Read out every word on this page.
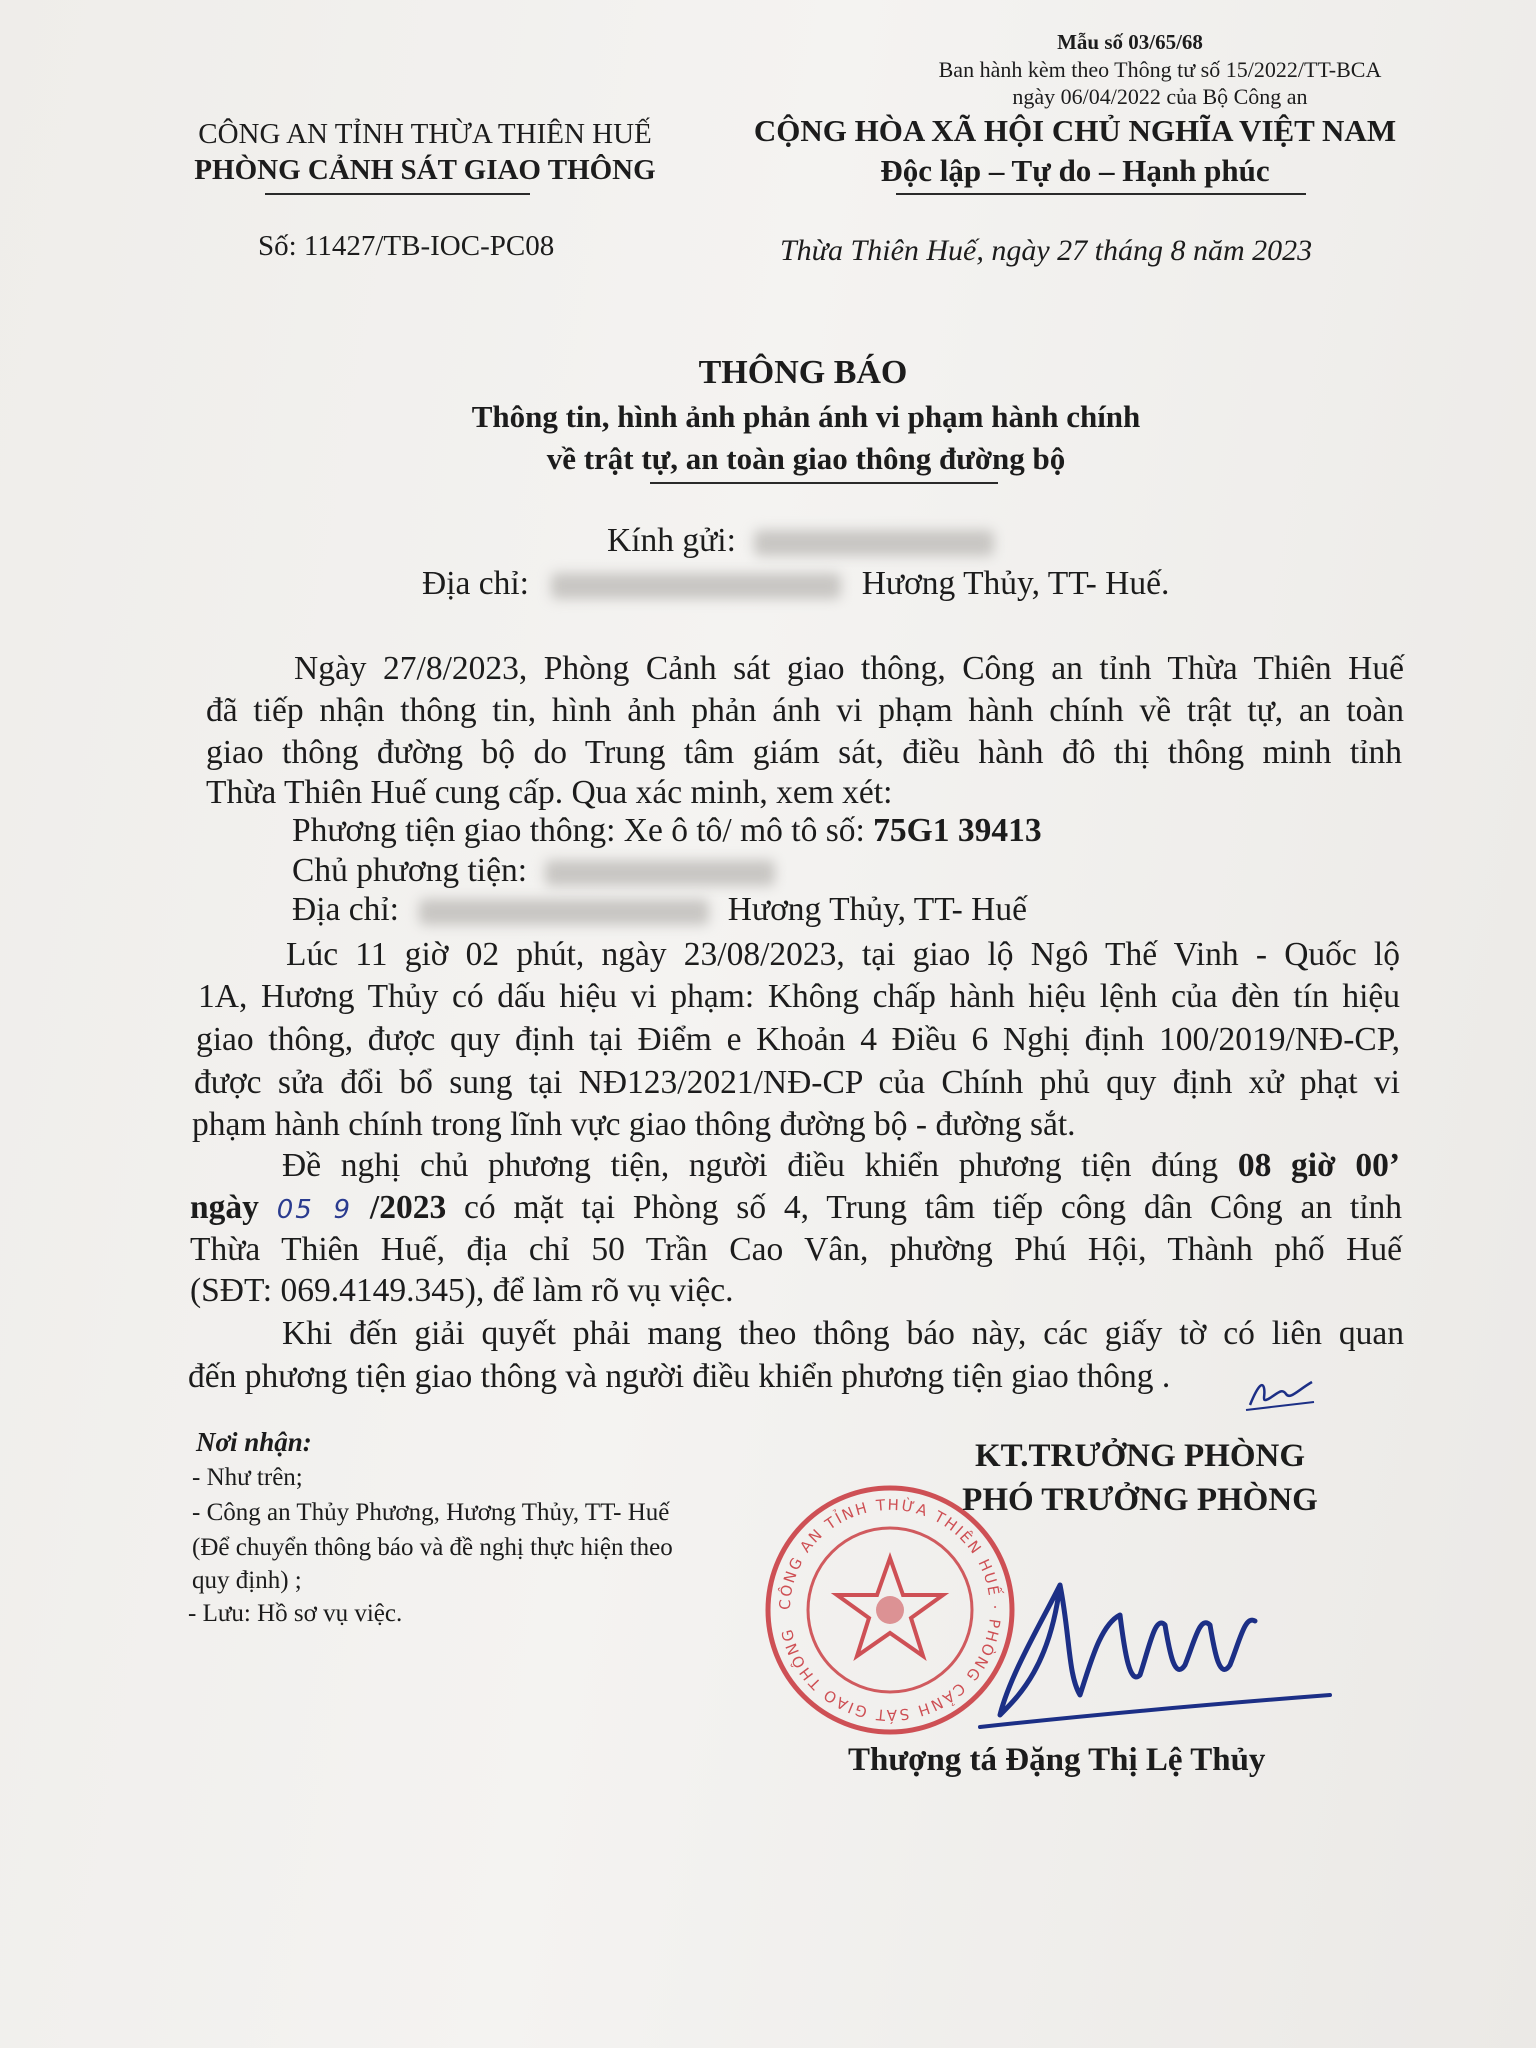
Mẫu số 03/65/68
Ban hành kèm theo Thông tư số 15/2022/TT-BCA
ngày 06/04/2022 của Bộ Công an
CÔNG AN TỈNH THỪA THIÊN HUẾ
PHÒNG CẢNH SÁT GIAO THÔNG
Số: 11427/TB-IOC-PC08
CỘNG HÒA XÃ HỘI CHỦ NGHĨA VIỆT NAM
Độc lập – Tự do – Hạnh phúc
Thừa Thiên Huế, ngày 27 tháng 8 năm 2023
THÔNG BÁO
Thông tin, hình ảnh phản ánh vi phạm hành chính
về trật tự, an toàn giao thông đường bộ
Kính gửi:
Địa chỉ:	Hương Thủy, TT- Huế.
Ngày 27/8/2023, Phòng Cảnh sát giao thông, Công an tỉnh Thừa Thiên Huế
đã tiếp nhận thông tin, hình ảnh phản ánh vi phạm hành chính về trật tự, an toàn
giao thông đường bộ do Trung tâm giám sát, điều hành đô thị thông minh tỉnh
Thừa Thiên Huế cung cấp. Qua xác minh, xem xét:
Phương tiện giao thông: Xe ô tô/ mô tô số: 75G1 39413
Chủ phương tiện:
Địa chỉ:	Hương Thủy, TT- Huế
Lúc 11 giờ 02 phút, ngày 23/08/2023, tại giao lộ Ngô Thế Vinh - Quốc lộ
1A, Hương Thủy có dấu hiệu vi phạm: Không chấp hành hiệu lệnh của đèn tín hiệu
giao thông, được quy định tại Điểm e Khoản 4 Điều 6 Nghị định 100/2019/NĐ-CP,
được sửa đổi bổ sung tại NĐ123/2021/NĐ-CP của Chính phủ quy định xử phạt vi
phạm hành chính trong lĩnh vực giao thông đường bộ - đường sắt.
Đề nghị chủ phương tiện, người điều khiển phương tiện đúng 08 giờ 00’
ngày 05 9 /2023 có mặt tại Phòng số 4, Trung tâm tiếp công dân Công an tỉnh
Thừa Thiên Huế, địa chỉ 50 Trần Cao Vân, phường Phú Hội, Thành phố Huế
(SĐT: 069.4149.345), để làm rõ vụ việc.
Khi đến giải quyết phải mang theo thông báo này, các giấy tờ có liên quan
đến phương tiện giao thông và người điều khiển phương tiện giao thông .
Nơi nhận:
- Như trên;
- Công an Thủy Phương, Hương Thủy, TT- Huế
(Để chuyển thông báo và đề nghị thực hiện theo
quy định) ;
- Lưu: Hồ sơ vụ việc.	CÔNG AN TỈNH THỪA THIÊN HUẾ · PHÒNG CẢNH SÁT GIAO THÔNG
KT.TRƯỞNG PHÒNG
PHÓ TRƯỞNG PHÒNG
Thượng tá Đặng Thị Lệ Thủy
